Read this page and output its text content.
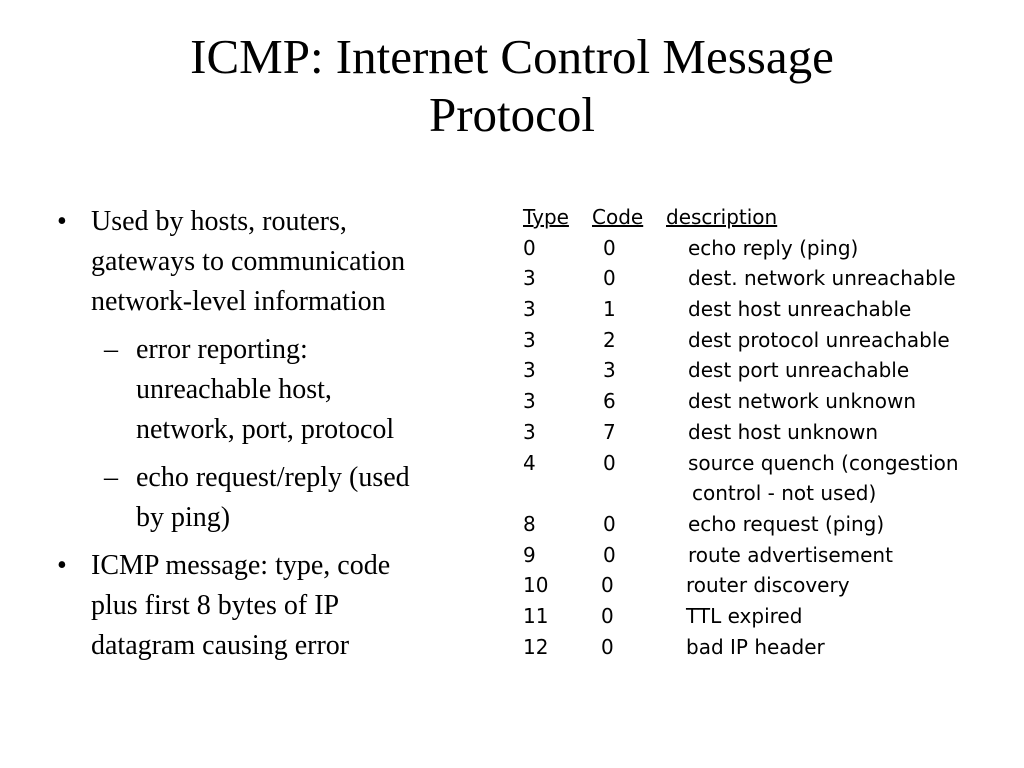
ICMP: Internet Control Message
Protocol
• Used by hosts, routers,
gateways to communication
network-level information
– error reporting:
unreachable host,
network, port, protocol
– echo request/reply (used
by ping)
• ICMP message: type, code
plus first 8 bytes of IP
datagram causing error
Type Code description
0	0	echo reply (ping)
3	0	dest. network unreachable
3	1	dest host unreachable
3	2	dest protocol unreachable
3	3	dest port unreachable
3	6	dest network unknown
3	7	dest host unknown
4	0	source quench (congestion
control - not used)
8	0	echo request (ping)
9	0	route advertisement
10	0	router discovery
11	0	TTL expired
12	0	bad IP header
